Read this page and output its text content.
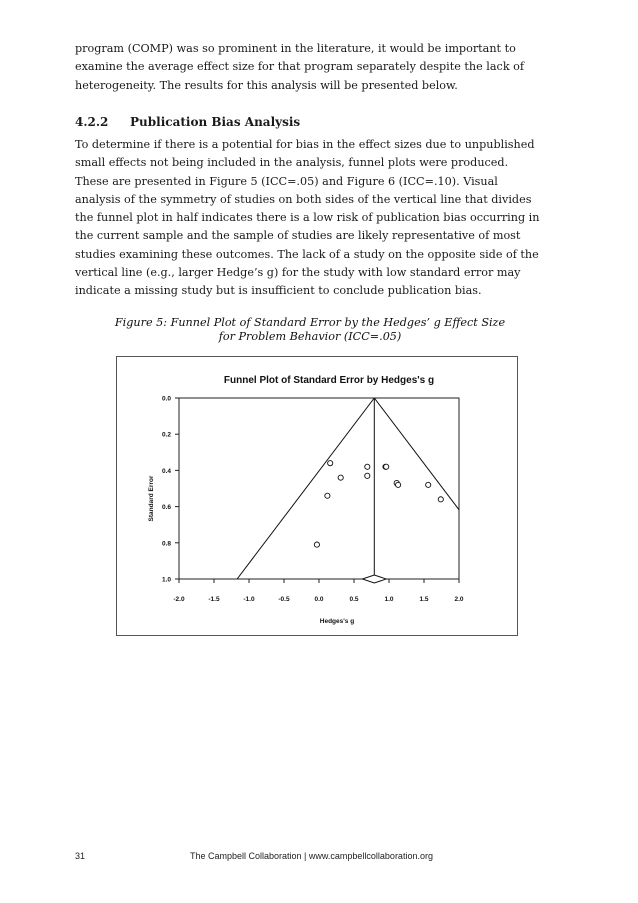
program (COMP) was so prominent in the literature, it would be important to examine the average effect size for that program separately despite the lack of heterogeneity. The results for this analysis will be presented below.

4.2.2 Publication Bias Analysis

To determine if there is a potential for bias in the effect sizes due to unpublished small effects not being included in the analysis, funnel plots were produced. These are presented in Figure 5 (ICC=.05) and Figure 6 (ICC=.10). Visual analysis of the symmetry of studies on both sides of the vertical line that divides the funnel plot in half indicates there is a low risk of publication bias occurring in the current sample and the sample of studies are likely representative of most studies examining these outcomes. The lack of a study on the opposite side of the vertical line (e.g., larger Hedge’s g) for the study with low standard error may indicate a missing study but is insufficient to conclude publication bias.

Figure 5: Funnel Plot of Standard Error by the Hedges’ g Effect Size
for Problem Behavior (ICC=.05)

Funnel Plot of Standard Error by Hedges's g
0.0
0.2
0.4
0.6
0.8
1.0
-2.0	-1.5	-1.0	-0.5	0.0	0.5	1.0	1.5	2.0
Hedges's g
Standard Error
31	The Campbell Collaboration | www.campbellcollaboration.org
